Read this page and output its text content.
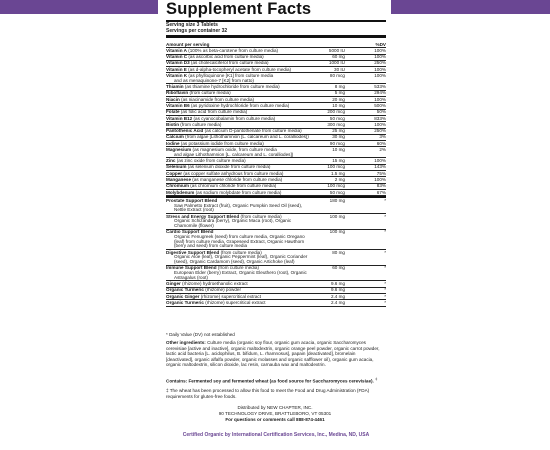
Supplement Facts
Serving size 3 Tablets
Servings per container 32
Amount per serving	%DV
Vitamin A (100% as beta-carotene from culture media)	5000 IU	100%
Vitamin C (as ascorbic acid from culture media)	60 mg	100%
Vitamin D3 (as cholecalciferol from culture media)	1000 IU	250%
Vitamin E (as d-alpha-tocopheryl acetate from culture media)	30 IU	100%
Vitamin K (as phylloquinone [K1] from culture media
and as menaquinone-7 [K2] from natto)
80 mcg	100%
Thiamin (as thiamine hydrochloride from culture media)	8 mg	533%
Riboflavin (from culture media)	5 mg	294%
Niacin (as niacinamide from culture media)	20 mg	100%
Vitamin B6 (as pyridoxine hydrochloride from culture media)	10 mg	500%
Folate (as folic acid from culture media)	200 mcg	50%
Vitamin B12 (as cyanocobalamin from culture media)	50 mcg	833%
Biotin (from culture media)	300 mcg	100%
Pantothenic Acid (as calcium D-pantothenate from culture media)	25 mg	250%
Calcium (from algae [Lithothamnion [L. calcareum and L. coralliodes])	30 mg	3%
Iodine (as potassium iodide from culture media)	90 mcg	60%
Magnesium (as magnesium oxide, from culture media
and algae Lithothamnion [L. calcareum and L. coralliodes])
10 mg	2%
Zinc (as zinc oxide from culture media)	15 mg	100%
Selenium (as selenium dioxide from culture media)	100 mcg	143%
Copper (as copper sulfate anhydrous from culture media)	1.5 mg	75%
Manganese (as manganese chloride from culture media)	2 mg	100%
Chromium (as chromium chloride from culture media)	100 mcg	83%
Molybdenum (as sodium molybdate from culture media)	50 mcg	67%
Prostate Support Blend
Saw Palmetto Extract (fruit), Organic Pumpkin Seed Oil (seed), Nettle Extract (root)
180 mg	*
Stress and Energy Support Blend (from culture media)
Organic Schizandra (berry), Organic Maca (root), Organic Chamomile (flower)
100 mg	*
Cardio Support Blend
Organic Fenugreek (seed) from culture media, Organic Oregano (leaf) from culture media, Grapeseed Extract, Organic Hawthorn (berry and seed) from culture media
100 mg	*
Digestive Support Blend (from culture media)
Organic Aloe (leaf), Organic Peppermint (leaf), Organic Coriander (seed), Organic Cardamom (seed), Organic Artichoke (leaf)
80 mg	*
Immune Support Blend (from culture media)
European Elder (berry) Extract, Organic Eleuthero (root), Organic Astragalus (root)
60 mg	*
Ginger (rhizome) hydroethanolic extract	9.6 mg	*
Organic Turmeric (rhizome) powder	9.6 mg	*
Organic Ginger (rhizome) supercritical extract	2.4 mg	*
Organic Turmeric (rhizome) supercritical extract	2.4 mg	*
* Daily Value (DV) not established
Other ingredients: Culture media (organic soy flour, organic gum acacia, organic Saccharomyces cerevisiae [active and inactive], organic maltodextrin, organic orange peel powder, organic carrot powder, lactic acid bacteria [L. acidophilus, B. bifidum, L. rhamnosus], papain [deactivated], bromelain [deactivated], organic alfalfa powder, organic molasses and organic safflower oil), organic gum acacia, organic maltodextrin, silicon dioxide, lac resin, carnauba wax and maltodextrin.
Contains: Fermented soy and fermented wheat (as food source for Saccharomyces cerevisiae). ‡
‡ The wheat has been processed to allow this food to meet the Food and Drug Administration (FDA) requirements for gluten-free foods.
Distributed by NEW CHAPTER, INC.
90 TECHNOLOGY DRIVE, BRATTLEBORO, VT 05301
For questions or comments call 888-874-4461
Certified Organic by International Certification Services, Inc., Medina, ND, USA
